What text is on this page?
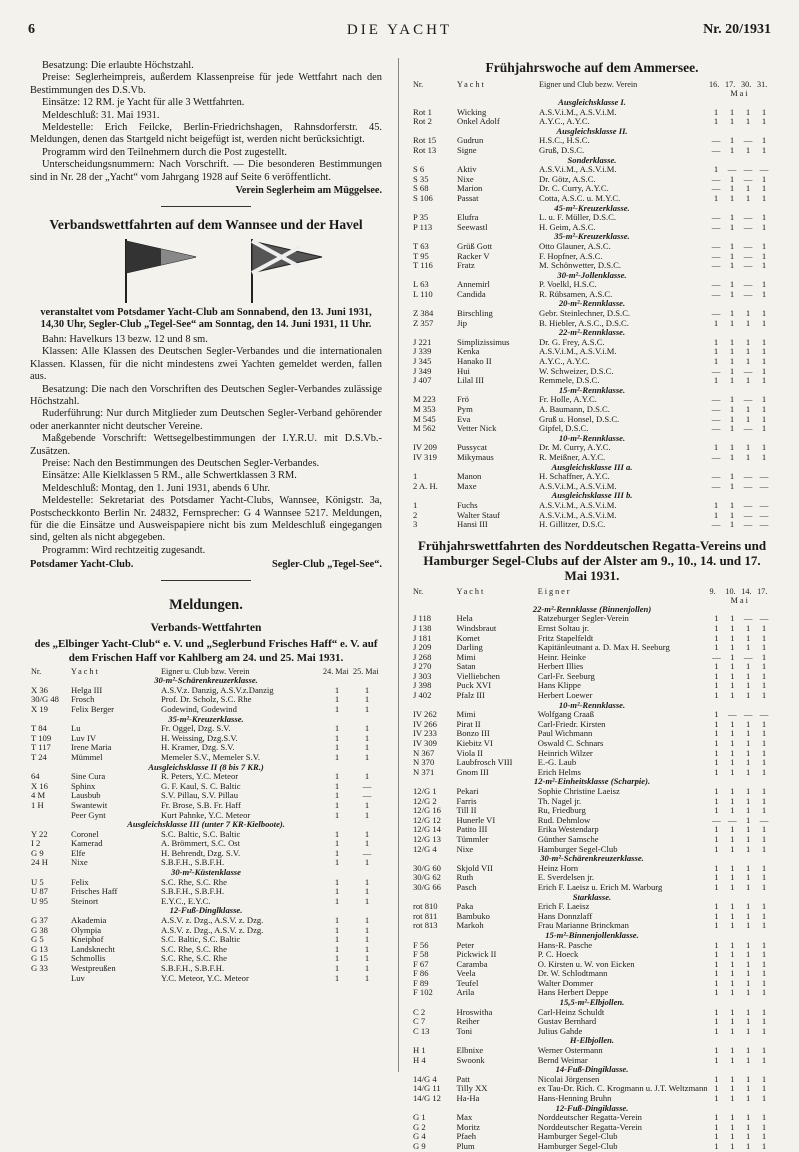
6	DIE YACHT	Nr. 20/1931

Besatzung: Die erlaubte Höchstzahl.

Preise: Seglerheimpreis, außerdem Klassenpreise für jede Wettfahrt nach den Bestimmungen des D.S.Vb.

Einsätze: 12 RM. je Yacht für alle 3 Wettfahrten.

Meldeschluß: 31. Mai 1931.

Meldestelle: Erich Feilcke, Berlin-Friedrichshagen, Rahnsdorferstr. 45. Meldungen, denen das Startgeld nicht beigefügt ist, werden nicht berücksichtigt.

Programm wird den Teilnehmern durch die Post zugestellt.

Unterscheidungsnummern: Nach Vorschrift. — Die besonderen Bestimmungen sind in Nr. 28 der „Yacht“ vom Jahrgang 1928 auf Seite 6 veröffentlicht.

Verein Seglerheim am Müggelsee.
Verbandswettfahrten auf dem Wannsee und der Havel
veranstaltet vom Potsdamer Yacht-Club am Sonnabend, den 13. Juni 1931, 14,30 Uhr, Segler-Club „Tegel-See“ am Sonntag, den 14. Juni 1931, 11 Uhr.

Bahn: Havelkurs 13 bezw. 12 und 8 sm.

Klassen: Alle Klassen des Deutschen Segler-Verbandes und die internationalen Klassen. Klassen, für die nicht mindestens zwei Yachten gemeldet werden, fallen aus.

Besatzung: Die nach den Vorschriften des Deutschen Segler-Verbandes zulässige Höchstzahl.

Ruderführung: Nur durch Mitglieder zum Deutschen Segler-Verband gehörender oder anerkannter nicht deutscher Vereine.

Maßgebende Vorschrift: Wettsegelbestimmungen der I.Y.R.U. mit D.S.Vb.-Zusätzen.

Preise: Nach den Bestimmungen des Deutschen Segler-Verbandes.

Einsätze: Alle Kielklassen 5 RM., alle Schwertklassen 3 RM.

Meldeschluß: Montag, den 1. Juni 1931, abends 6 Uhr.

Meldestelle: Sekretariat des Potsdamer Yacht-Clubs, Wannsee, Königstr. 3a, Postscheckkonto Berlin Nr. 24832, Fernsprecher: G 4 Wannsee 5217. Meldungen, für die die Einsätze und Ausweispapiere nicht bis zum Meldeschluß eingegangen sind, gelten als nicht abgegeben.

Programm: Wird rechtzeitig zugesandt.

Potsdamer Yacht-Club.	Segler-Club „Tegel-See“.
Meldungen.
Verbands-Wettfahrten
des „Elbinger Yacht-Club“ e. V. und „Seglerbund Frisches Haff“ e. V. auf dem Frischen Haff vor Kahlberg am 24. und 25. Mai 1931.
Nr.	Yacht	Eigner u. Club bzw. Verein	24. Mai	25. Mai
30-m²-Schärenkreuzerklasse.				
X 36	Helga III	A.S.V.z. Danzig, A.S.V.z.Danzig	1	1
30/G 48	Frosch	Prof. Dr. Scholz, S.C. Rhe	1	1
X 19	Felix Berger	Godewind, Godewind	1	1
35-m²-Kreuzerklasse.				
T 84	Lu	Fr. Oggel, Dzg. S.V.	1	1
T 109	Luv IV	H. Weissing, Dzg.S.V.	1	1
T 117	Irene Maria	H. Kramer, Dzg. S.V.	1	1
T 24	Mümmel	Memeler S.V., Memeler S.V.	1	1
Ausgleichsklasse II (8 bis 7 KR.)				
64	Sine Cura	R. Peters, Y.C. Meteor	1	1
X 16	Sphinx	G. F. Kaul, S. C. Baltic	1	—
4 M	Lausbub	S.V. Pillau, S.V. Pillau	1	—
1 H	Swantewit	Fr. Brose, S.B. Fr. Haff	1	1
	Peer Gynt	Kurt Pahnke, Y.C. Meteor	1	1
Ausgleichsklasse III (unter 7 KR-Kielboote).				
Y 22	Coronel	S.C. Baltic, S.C. Baltic	1	1
I 2	Kamerad	A. Brömmert, S.C. Ost	1	1
G 9	Elfe	H. Behrendt, Dzg. S.V.	1	—
24 H	Nixe	S.B.F.H., S.B.F.H.	1	1
30-m²-Küstenklasse				
U 5	Felix	S.C. Rhe, S.C. Rhe	1	1
U 87	Frisches Haff	S.B.F.H., S.B.F.H.	1	1
U 95	Steinort	E.Y.C., E.Y.C.	1	1
12-Fuß-Dinglklasse.				
G 37	Akademia	A.S.V. z. Dzg., A.S.V. z. Dzg.	1	1
G 38	Olympia	A.S.V. z. Dzg., A.S.V. z. Dzg.	1	1
G 5	Kneiphof	S.C. Baltic, S.C. Baltic	1	1
G 13	Landsknecht	S.C. Rhe, S.C. Rhe	1	1
G 15	Schmollis	S.C. Rhe, S.C. Rhe	1	1
G 33	Westpreußen	S.B.F.H., S.B.F.H.	1	1
	Luv	Y.C. Meteor, Y.C. Meteor	1	1
Frühjahrswoche auf dem Ammersee.
Nr.	Yacht	Eigner und Club bezw. Verein	16.	17.	30.	31.
			Mai			
Ausgleichsklasse I.						
Rot 1	Wicking	A.S.V.i.M., A.S.V.i.M.	1	1	1	1
Rot 2	Onkel Adolf	A.Y.C., A.Y.C.	1	1	1	1
Ausgleichsklasse II.						
Rot 15	Gudrun	H.S.C., H.S.C.	—	1	—	1
Rot 13	Signe	Gruß, D.S.C.	—	1	1	1
Sonderklasse.						
S 6	Aktiv	A.S.V.i.M., A.S.V.i.M.	1	—	—	—
S 35	Nixe	Dr. Götz, A.S.C.	—	1	—	1
S 68	Marion	Dr. C. Curry, A.Y.C.	—	1	1	1
S 106	Passat	Cotta, A.S.C. u. M.Y.C.	1	1	1	1
45-m²-Kreuzerklasse.						
P 35	Elufra	L. u. F. Müller, D.S.C.	—	1	—	1
P 113	Seewastl	H. Geim, A.S.C.	—	1	—	1
35-m²-Kreuzerklasse.						
T 63	Grüß Gott	Otto Glauner, A.S.C.	—	1	—	1
T 95	Racker V	F. Hopfner, A.S.C.	—	1	—	1
T 116	Fratz	M. Schönwetter, D.S.C.	—	1	—	1
30-m²-Jollenklasse.						
L 63	Annemirl	P. Voelkl, H.S.C.	—	1	—	1
L 110	Candida	R. Rübsamen, A.S.C.	—	1	—	1
20-m²-Rennklasse.						
Z 384	Birschling	Gebr. Steinlechner, D.S.C.	—	1	1	1
Z 357	Jip	B. Hiebler, A.S.C., D.S.C.	1	1	1	1
22-m²-Rennklasse.						
J 221	Simplizissimus	Dr. G. Frey, A.S.C.	1	1	1	1
J 339	Kenka	A.S.V.i.M., A.S.V.i.M.	1	1	1	1
J 345	Hanako II	A.Y.C., A.Y.C.	1	1	1	1
J 349	Hui	W. Schweizer, D.S.C.	—	1	—	1
J 407	Lilal III	Remmele, D.S.C.	1	1	1	1
15-m²-Rennklasse.						
M 223	Frö	Fr. Holle, A.Y.C.	—	1	—	1
M 353	Pym	A. Baumann, D.S.C.	—	1	1	1
M 545	Eva	Gruß u. Honsel, D.S.C.	—	1	1	1
M 562	Vetter Nick	Gipfel, D.S.C.	—	1	—	1
10-m²-Rennklasse.						
IV 209	Pussycat	Dr. M. Curry, A.Y.C.	1	1	1	1
IV 319	Mikymaus	R. Meißner, A.Y.C.	—	1	1	1
Ausgleichsklasse III a.						
1	Manon	H. Schaffner, A.Y.C.	—	1	—	—
2 A. H.	Maxe	A.S.V.i.M., A.S.V.i.M.	—	1	—	—
Ausgleichsklasse III b.						
1	Fuchs	A.S.V.i.M., A.S.V.i.M.	1	1	—	—
2	Walter Stauf	A.S.V.i.M., A.S.V.i.M.	1	1	—	—
3	Hansi III	H. Gillitzer, D.S.C.	—	1	—	—
Frühjahrswettfahrten des Norddeutschen Regatta-Vereins und Hamburger Segel-Clubs auf der Alster am 9., 10., 14. und 17. Mai 1931.
Nr.	Yacht	Eigner	9.	10.	14.	17.
			Mai			
22-m²-Rennklasse (Binnenjollen)						
J 118	Hela	Ratzeburger Segler-Verein	1	1	—	—
J 138	Windsbraut	Ernst Soltau jr.	1	1	1	1
J 181	Komet	Fritz Stapelfeldt	1	1	1	1
J 209	Darling	Kapitänleutnant a. D. Max H. Seeburg	1	1	1	1
J 268	Mimi	Heinr. Heinke	—	1	—	1
J 270	Satan	Herbert Illies	1	1	1	1
J 303	Vielliebchen	Carl-Fr. Seeburg	1	1	1	1
J 398	Puck XVI	Hans Klippe	1	1	1	1
J 402	Pfalz III	Herbert Loewer	1	1	1	1
10-m²-Rennklasse.						
IV 262	Mimi	Wolfgang Craaß	1	—	—	—
IV 266	Pirat II	Carl-Friedr. Kirsten	1	1	1	1
IV 233	Bonzo III	Paul Wichmann	1	1	1	1
IV 309	Kiebitz VI	Oswald C. Schnars	1	1	1	1
N 367	Viola II	Heinrich Wilzer	1	1	1	1
N 370	Laubfrosch VIII	E.-G. Laub	1	1	1	1
N 371	Gnom III	Erich Helms	1	1	1	1
12-m²-Einheitsklasse (Scharpie).						
12/G 1	Pekari	Sophie Christine Laeisz	1	1	1	1
12/G 2	Farris	Th. Nagel jr.	1	1	1	1
12/G 16	Till II	Ru, Friedburg	1	1	1	1
12/G 12	Hunerle VI	Rud. Dehmlow	—	—	1	—
12/G 14	Patito III	Erika Westendarp	1	1	1	1
12/G 13	Tümmler	Günther Samsche	1	1	1	1
12/G 4	Nixe	Hamburger Segel-Club	1	1	1	1
30-m²-Schärenkreuzerklasse.						
30/G 60	Skjold VII	Heinz Horn	1	1	1	1
30/G 62	Ruth	E. Sverdelsen jr.	1	1	1	1
30/G 66	Pasch	Erich F. Laeisz u. Erich M. Warburg	1	1	1	1
Starklasse.						
rot 810	Paka	Erich F. Laeisz	1	1	1	1
rot 811	Bambuko	Hans Donnzlaff	1	1	1	1
rot 813	Markoh	Frau Marianne Brinckman	1	1	1	1
15-m²-Binnenjollenklasse.						
F 56	Peter	Hans-R. Pasche	1	1	1	1
F 58	Pickwick II	P. C. Hoeck	1	1	1	1
F 67	Caramba	O. Kirsten u. W. von Eicken	1	1	1	1
F 86	Veela	Dr. W. Schlodtmann	1	1	1	1
F 89	Teufel	Walter Dommer	1	1	1	1
F 102	Arila	Hans Herbert Deppe	1	1	1	1
15,5-m²-Elbjollen.						
C 2	Hroswitha	Carl-Heinz Schuldt	1	1	1	1
C 7	Reiher	Gustav Bernhard	1	1	1	1
C 13	Toni	Julius Gahde	1	1	1	1
H-Elbjollen.						
H 1	Elbnixe	Werner Ostermann	1	1	1	1
H 4	Swoonk	Bernd Weimar	1	1	1	1
14-Fuß-Dingiklasse.						
14/G 4	Patt	Nicolai Jörgensen	1	1	1	1
14/G 11	Tilly XX	ex Tau-Dr. Rich. C. Krogmann u. J.T. Weltzmann	1	1	1	1
14/G 12	Ha-Ha	Hans-Henning Bruhn	1	1	1	1
12-Fuß-Dingiklasse.						
G 1	Max	Norddeutscher Regatta-Verein	1	1	1	1
G 2	Moritz	Norddeutscher Regatta-Verein	1	1	1	1
G 4	Pfaeh	Hamburger Segel-Club	1	1	1	1
G 9	Plum	Hamburger Segel-Club	1	1	1	1
